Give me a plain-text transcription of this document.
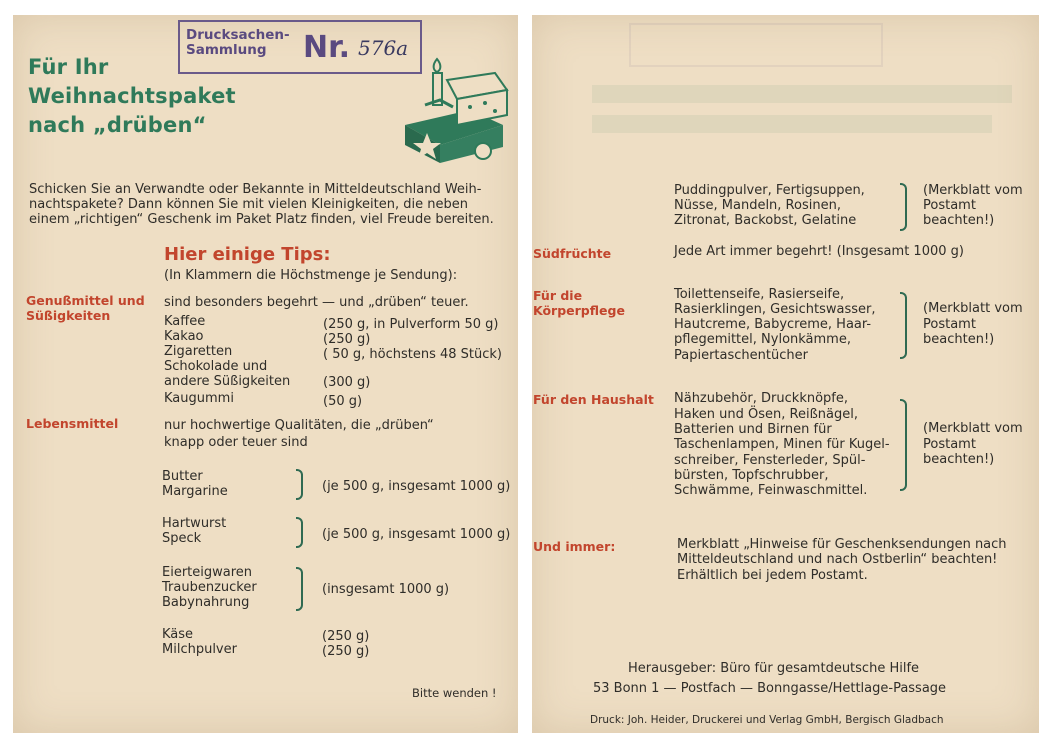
Drucksachen-
Sammlung	Nr. 576a
Für Ihr
Weihnachtspaket
nach „drüben“
Schicken Sie an Verwandte oder Bekannte in Mitteldeutschland Weih-
nachtspakete? Dann können Sie mit vielen Kleinigkeiten, die neben
einem „richtigen“ Geschenk im Paket Platz finden, viel Freude bereiten.
Hier einige Tips:
(In Klammern die Höchstmenge je Sendung):
Genußmittel und
Süßigkeiten
sind besonders begehrt — und „drüben“ teuer.
Kaffee	(250 g, in Pulverform 50 g)
Kakao	(250 g)
Zigaretten	( 50 g, höchstens 48 Stück)
Schokolade und
andere Süßigkeiten	(300 g)
Kaugummi	(50 g)
Lebensmittel	nur hochwertige Qualitäten, die „drüben“
knapp oder teuer sind
Butter
Margarine	(je 500 g, insgesamt 1000 g)
Hartwurst
Speck	(je 500 g, insgesamt 1000 g)
Eierteigwaren
Traubenzucker
Babynahrung
(insgesamt 1000 g)
Käse	(250 g)
Milchpulver	(250 g)
Bitte wenden !
Puddingpulver, Fertigsuppen,
Nüsse, Mandeln, Rosinen,
Zitronat, Backobst, Gelatine
(Merkblatt vom
Postamt
beachten!)
Südfrüchte	Jede Art immer begehrt! (Insgesamt 1000 g)
Für die
Körperpflege
Toilettenseife, Rasierseife,
Rasierklingen, Gesichtswasser,
Hautcreme, Babycreme, Haar-
pflegemittel, Nylonkämme,
Papiertaschentücher
(Merkblatt vom
Postamt
beachten!)
Für den Haushalt Nähzubehör, Druckknöpfe,
Haken und Ösen, Reißnägel,
Batterien und Birnen für
Taschenlampen, Minen für Kugel-
schreiber, Fensterleder, Spül-
bürsten, Topfschrubber,
Schwämme, Feinwaschmittel.
(Merkblatt vom
Postamt
beachten!)
Und immer:	Merkblatt „Hinweise für Geschenksendungen nach
Mitteldeutschland und nach Ostberlin“ beachten!
Erhältlich bei jedem Postamt.
Herausgeber: Büro für gesamtdeutsche Hilfe
53 Bonn 1 — Postfach — Bonngasse/Hettlage-Passage
Druck: Joh. Heider, Druckerei und Verlag GmbH, Bergisch Gladbach
